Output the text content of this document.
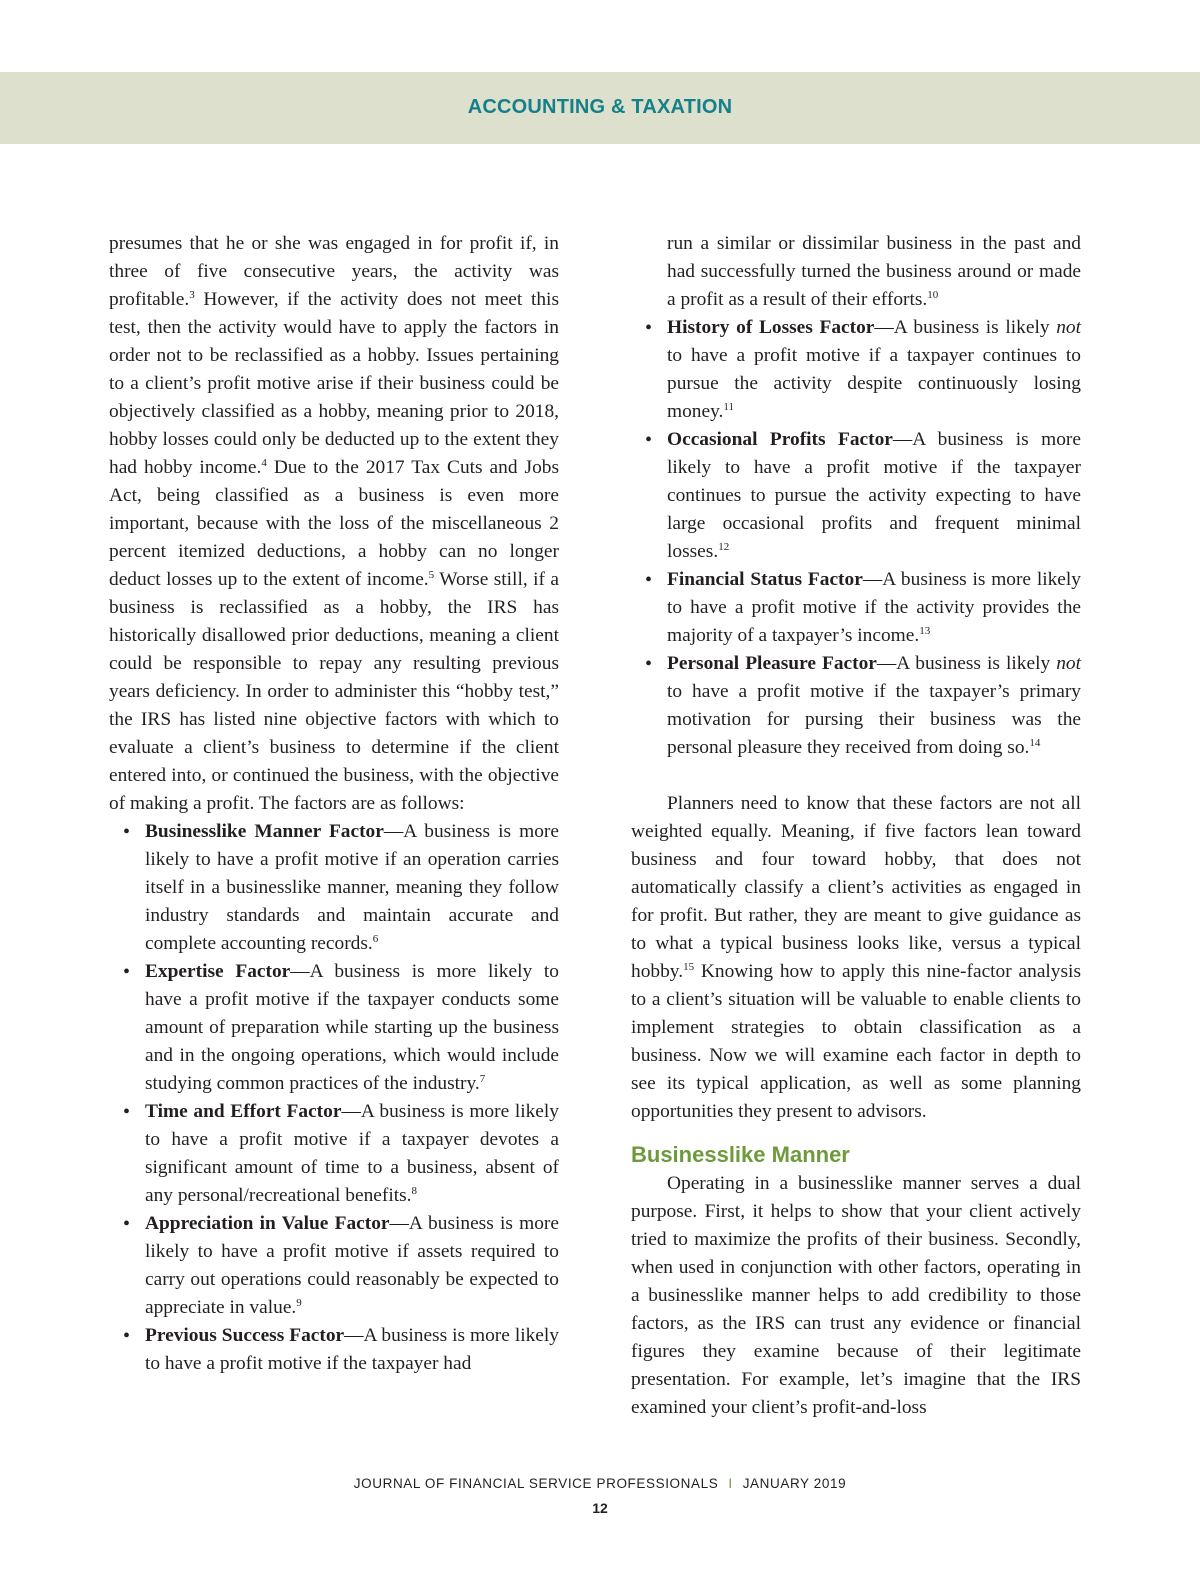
ACCOUNTING & TAXATION

presumes that he or she was engaged in for profit if, in three of five consecutive years, the activity was profitable.$^3$ However, if the activity does not meet this test, then the activity would have to apply the factors in order not to be reclassified as a hobby. Issues pertaining to a client’s profit motive arise if their business could be objectively classified as a hobby, meaning prior to 2018, hobby losses could only be deducted up to the extent they had hobby income.$^4$ Due to the 2017 Tax Cuts and Jobs Act, being classified as a business is even more important, because with the loss of the miscellaneous 2 percent itemized deductions, a hobby can no longer deduct losses up to the extent of income.$^5$ Worse still, if a business is reclassified as a hobby, the IRS has historically disallowed prior deductions, meaning a client could be responsible to repay any resulting previous years deficiency. In order to administer this “hobby test,” the IRS has listed nine objective factors with which to evaluate a client’s business to determine if the client entered into, or continued the business, with the objective of making a profit. The factors are as follows:

• Businesslike Manner Factor—A business is more likely to have a profit motive if an operation carries itself in a businesslike manner, meaning they follow industry standards and maintain accurate and complete accounting records.$^6$
• Expertise Factor—A business is more likely to have a profit motive if the taxpayer conducts some amount of preparation while starting up the business and in the ongoing operations, which would include studying common practices of the industry.$^7$
• Time and Effort Factor—A business is more likely to have a profit motive if a taxpayer devotes a significant amount of time to a business, absent of any personal/recreational benefits.$^8$
• Appreciation in Value Factor—A business is more likely to have a profit motive if assets required to carry out operations could reasonably be expected to appreciate in value.$^9$
• Previous Success Factor—A business is more likely to have a profit motive if the taxpayer had
run a similar or dissimilar business in the past and had successfully turned the business around or made a profit as a result of their efforts.$^{10}$
• History of Losses Factor—A business is likely not to have a profit motive if a taxpayer continues to pursue the activity despite continuously losing money.$^{11}$
• Occasional Profits Factor—A business is more likely to have a profit motive if the taxpayer continues to pursue the activity expecting to have large occasional profits and frequent minimal losses.$^{12}$
• Financial Status Factor—A business is more likely to have a profit motive if the activity provides the majority of a taxpayer’s income.$^{13}$
• Personal Pleasure Factor—A business is likely not to have a profit motive if the taxpayer’s primary motivation for pursing their business was the personal pleasure they received from doing so.$^{14}$

Planners need to know that these factors are not all weighted equally. Meaning, if five factors lean toward business and four toward hobby, that does not automatically classify a client’s activities as engaged in for profit. But rather, they are meant to give guidance as to what a typical business looks like, versus a typical hobby.$^{15}$ Knowing how to apply this nine-factor analysis to a client’s situation will be valuable to enable clients to implement strategies to obtain classification as a business. Now we will examine each factor in depth to see its typical application, as well as some planning opportunities they present to advisors.

Businesslike Manner

Operating in a businesslike manner serves a dual purpose. First, it helps to show that your client actively tried to maximize the profits of their business. Secondly, when used in conjunction with other factors, operating in a businesslike manner helps to add credibility to those factors, as the IRS can trust any evidence or financial figures they examine because of their legitimate presentation. For example, let’s imagine that the IRS examined your client’s profit-and-loss

JOURNAL OF FINANCIAL SERVICE PROFESSIONALS I JANUARY 2019
12
